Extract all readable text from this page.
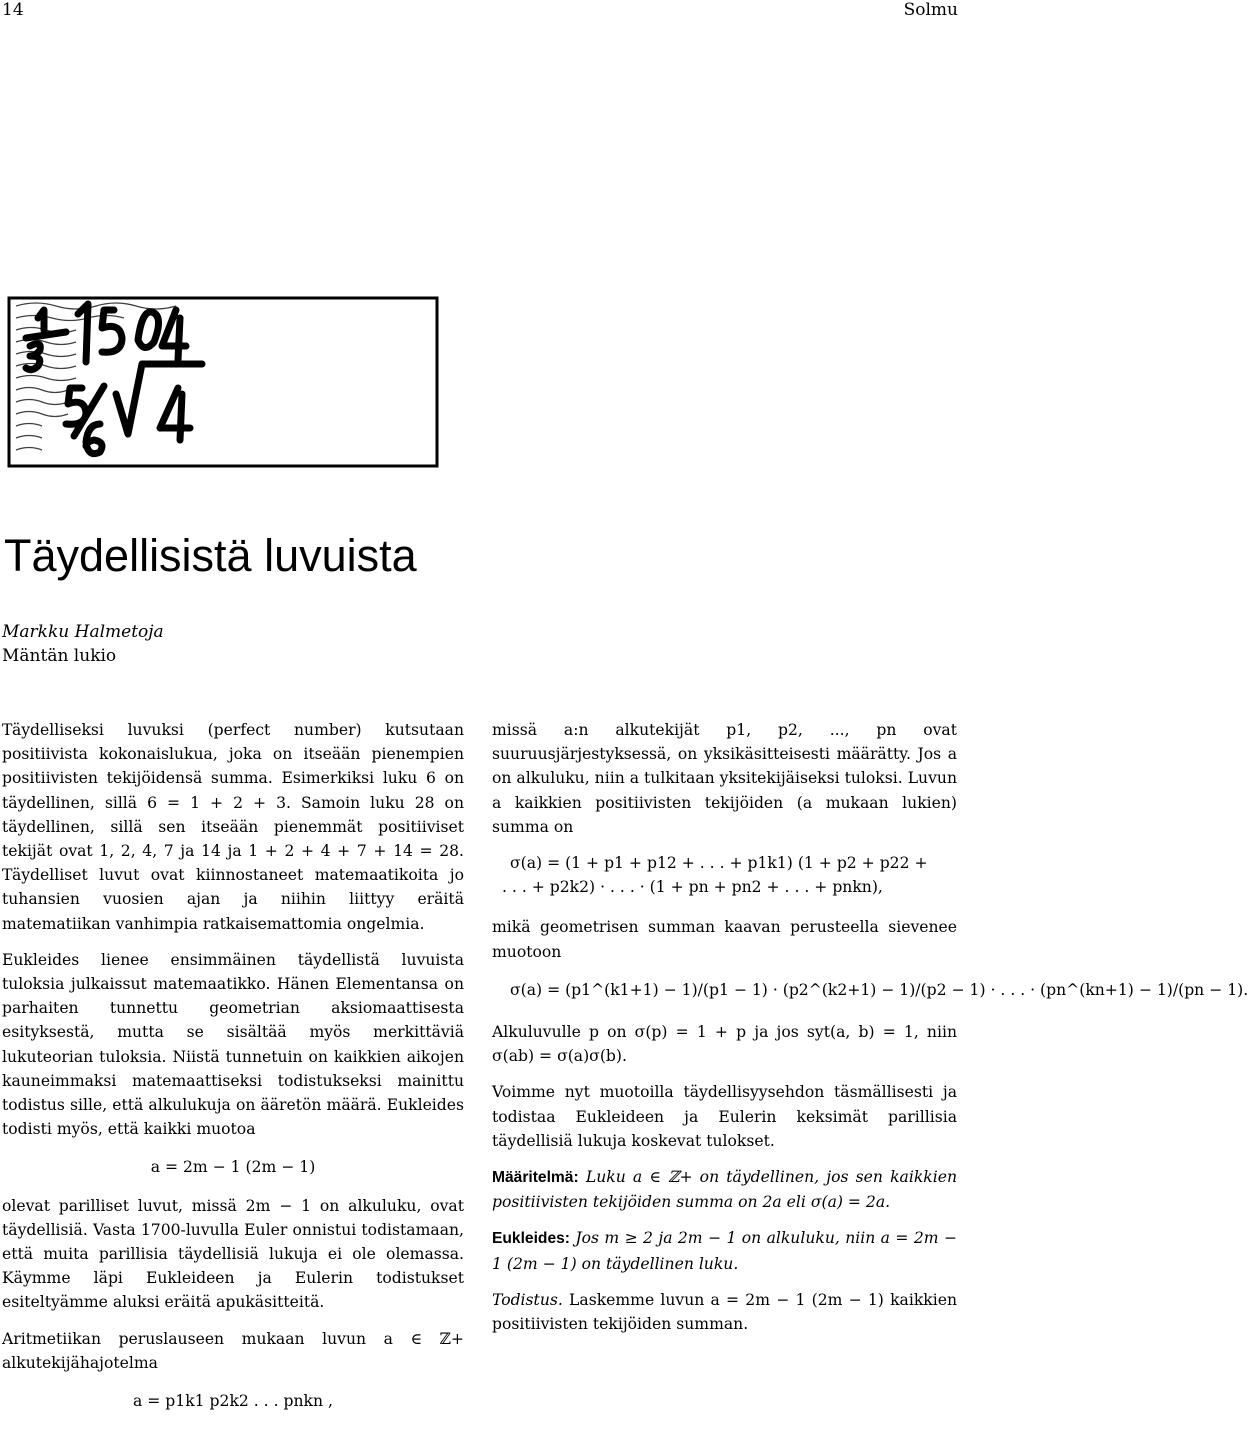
14	Solmu
Täydellisistä luvuista
Markku Halmetoja
Mäntän lukio

Täydelliseksi luvuksi (perfect number) kutsutaan positiivista kokonaislukua, joka on itseään pienempien positiivisten tekijöidensä summa. Esimerkiksi luku 6 on täydellinen, sillä 6 = 1 + 2 + 3. Samoin luku 28 on täydellinen, sillä sen itseään pienemmät positiiviset tekijät ovat 1, 2, 4, 7 ja 14 ja 1 + 2 + 4 + 7 + 14 = 28. Täydelliset luvut ovat kiinnostaneet matemaatikoita jo tuhansien vuosien ajan ja niihin liittyy eräitä matematiikan vanhimpia ratkaisemattomia ongelmia.

Eukleides lienee ensimmäinen täydellistä luvuista tuloksia julkaissut matemaatikko. Hänen Elementansa on parhaiten tunnettu geometrian aksiomaattisesta esityksestä, mutta se sisältää myös merkittäviä lukuteorian tuloksia. Niistä tunnetuin on kaikkien aikojen kauneimmaksi matemaattiseksi todistukseksi mainittu todistus sille, että alkulukuja on ääretön määrä. Eukleides todisti myös, että kaikki muotoa

a = 2m − 1 (2m − 1)

olevat parilliset luvut, missä 2m − 1 on alkuluku, ovat täydellisiä. Vasta 1700-luvulla Euler onnistui todistamaan, että muita parillisia täydellisiä lukuja ei ole olemassa. Käymme läpi Eukleideen ja Eulerin todistukset esiteltyämme aluksi eräitä apukäsitteitä.

Aritmetiikan peruslauseen mukaan luvun a ∈ ℤ+ alkutekijähajotelma

a = p1k1 p2k2 . . . pnkn ,

missä a:n alkutekijät p1, p2, ..., pn ovat suuruusjärjestyksessä, on yksikäsitteisesti määrätty. Jos a on alkuluku, niin a tulkitaan yksitekijäiseksi tuloksi. Luvun a kaikkien positiivisten tekijöiden (a mukaan lukien) summa on

σ(a) = (1 + p1 + p12 + . . . + p1k1) (1 + p2 + p22 +
. . . + p2k2) · . . . · (1 + pn + pn2 + . . . + pnkn),

mikä geometrisen summan kaavan perusteella sievenee muotoon

σ(a) = (p1^(k1+1) − 1)/(p1 − 1) · (p2^(k2+1) − 1)/(p2 − 1) · . . . · (pn^(kn+1) − 1)/(pn − 1).

Alkuluvulle p on σ(p) = 1 + p ja jos syt(a, b) = 1, niin σ(ab) = σ(a)σ(b).

Voimme nyt muotoilla täydellisyysehdon täsmällisesti ja todistaa Eukleideen ja Eulerin keksimät parillisia täydellisiä lukuja koskevat tulokset.

Määritelmä: Luku a ∈ ℤ+ on täydellinen, jos sen kaikkien positiivisten tekijöiden summa on 2a eli σ(a) = 2a.

Eukleides: Jos m ≥ 2 ja 2m − 1 on alkuluku, niin a = 2m − 1 (2m − 1) on täydellinen luku.

Todistus. Laskemme luvun a = 2m − 1 (2m − 1) kaikkien positiivisten tekijöiden summan.
